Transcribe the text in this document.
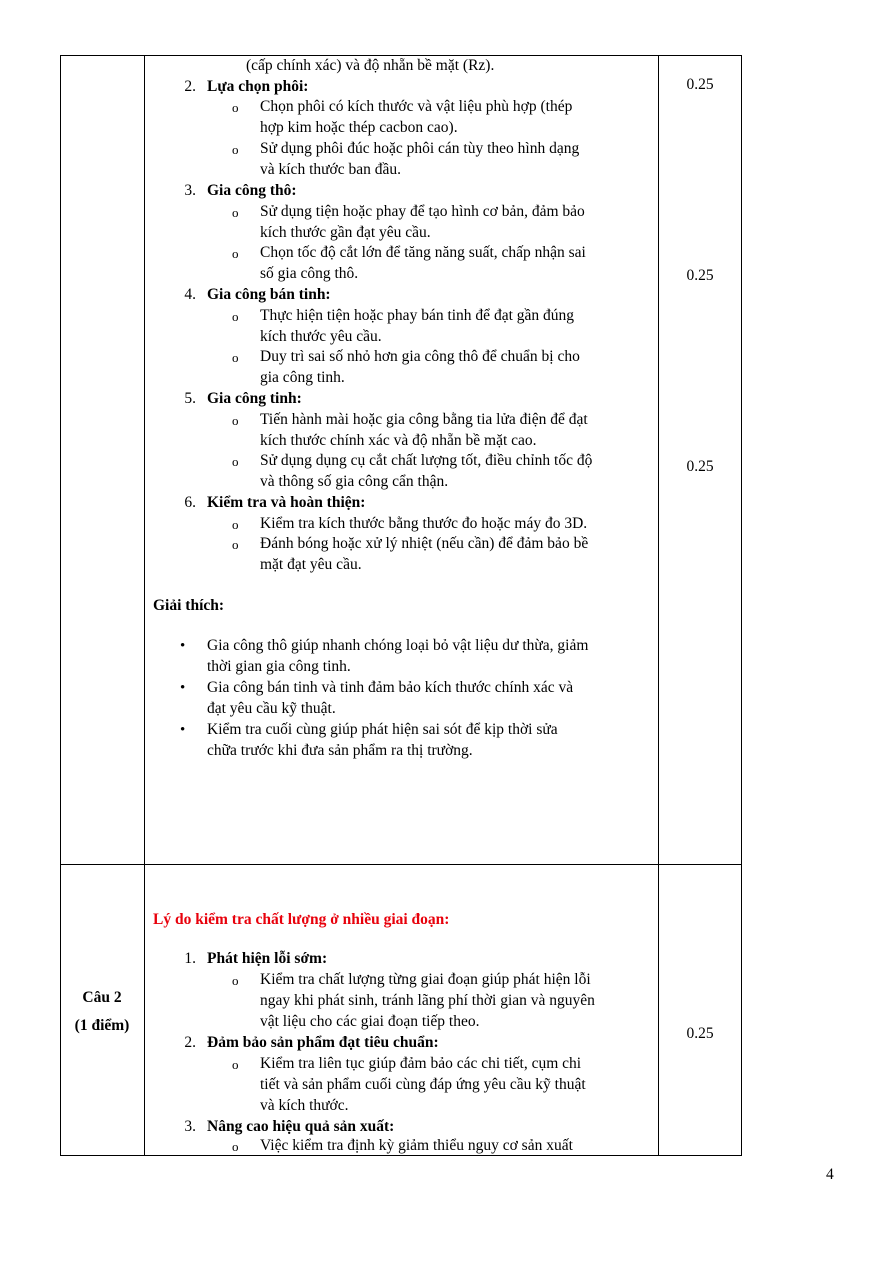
(cấp chính xác) và độ nhẵn bề mặt (Rz).
2. Lựa chọn phôi:
o Chọn phôi có kích thước và vật liệu phù hợp (thép
hợp kim hoặc thép cacbon cao).
o Sử dụng phôi đúc hoặc phôi cán tùy theo hình dạng
và kích thước ban đầu.
3. Gia công thô:
o Sử dụng tiện hoặc phay để tạo hình cơ bản, đảm bảo
kích thước gần đạt yêu cầu.
o Chọn tốc độ cắt lớn để tăng năng suất, chấp nhận sai
số gia công thô.
4. Gia công bán tinh:
o Thực hiện tiện hoặc phay bán tinh để đạt gần đúng
kích thước yêu cầu.
o Duy trì sai số nhỏ hơn gia công thô để chuẩn bị cho
gia công tinh.
5. Gia công tinh:
o Tiến hành mài hoặc gia công bằng tia lửa điện để đạt
kích thước chính xác và độ nhẵn bề mặt cao.
o Sử dụng dụng cụ cắt chất lượng tốt, điều chỉnh tốc độ
và thông số gia công cẩn thận.
6. Kiểm tra và hoàn thiện:
o Kiểm tra kích thước bằng thước đo hoặc máy đo 3D.
o Đánh bóng hoặc xử lý nhiệt (nếu cần) để đảm bảo bề
mặt đạt yêu cầu.
Giải thích:
• Gia công thô giúp nhanh chóng loại bỏ vật liệu dư thừa, giảm
thời gian gia công tinh.
• Gia công bán tinh và tinh đảm bảo kích thước chính xác và
đạt yêu cầu kỹ thuật.
• Kiểm tra cuối cùng giúp phát hiện sai sót để kịp thời sửa
chữa trước khi đưa sản phẩm ra thị trường.
0.25
0.25
0.25
0.25
Câu 2
(1 điểm)
Lý do kiểm tra chất lượng ở nhiều giai đoạn:
1. Phát hiện lỗi sớm:
o Kiểm tra chất lượng từng giai đoạn giúp phát hiện lỗi
ngay khi phát sinh, tránh lãng phí thời gian và nguyên
vật liệu cho các giai đoạn tiếp theo.
2. Đảm bảo sản phẩm đạt tiêu chuẩn:
o Kiểm tra liên tục giúp đảm bảo các chi tiết, cụm chi
tiết và sản phẩm cuối cùng đáp ứng yêu cầu kỹ thuật
và kích thước.
3. Nâng cao hiệu quả sản xuất:
o Việc kiểm tra định kỳ giảm thiểu nguy cơ sản xuất
4
